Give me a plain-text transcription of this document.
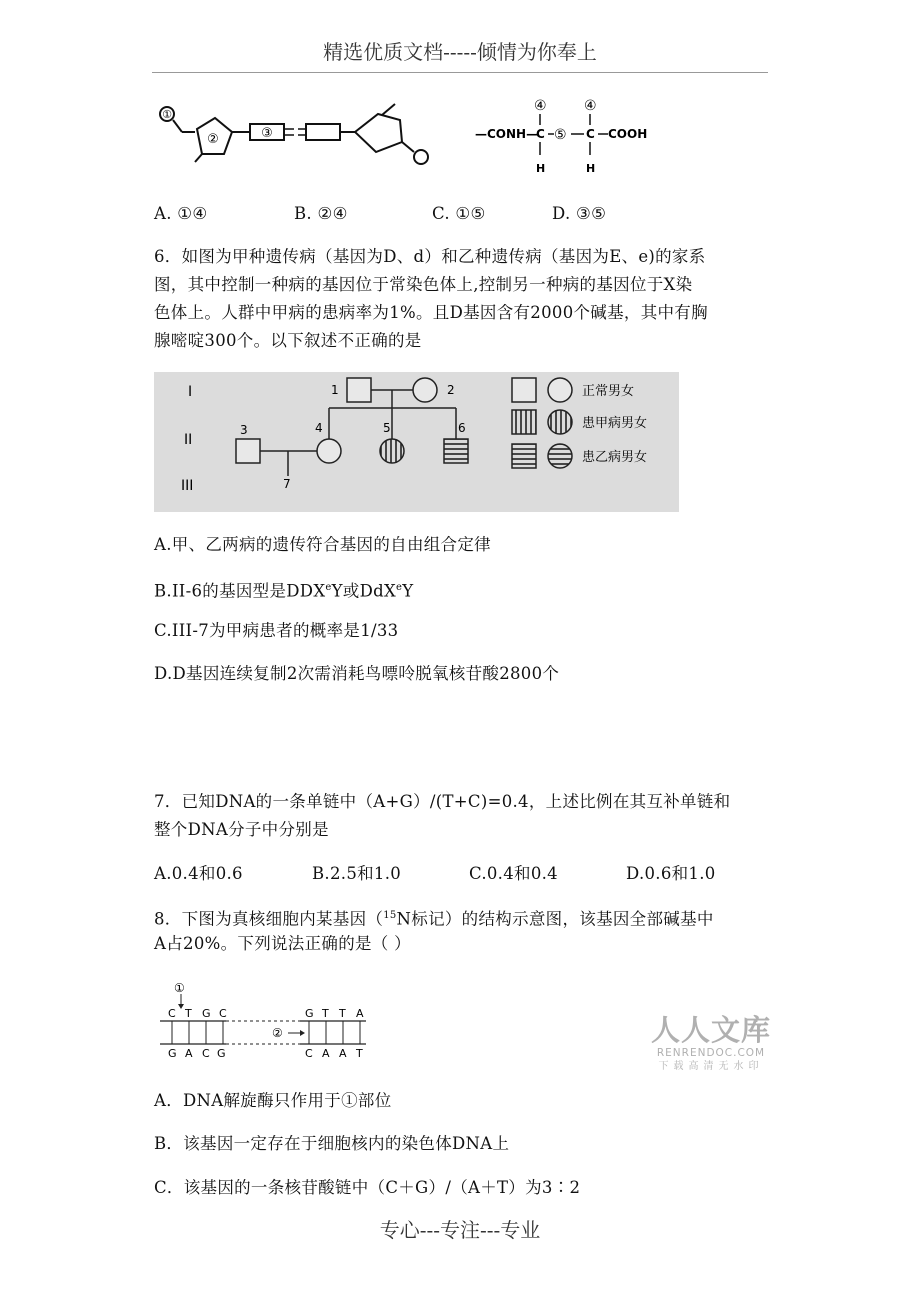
精选优质文档-----倾情为你奉上
①
②	③	—CONH—
C
④
H
⑤ C
④
H
COOH
A. ①④	B. ②④	C. ①⑤	D. ③⑤
6．如图为甲种遗传病（基因为D、d）和乙种遗传病（基因为E、e)的家系
图，其中控制一种病的基因位于常染色体上,控制另一种病的基因位于X染
色体上。人群中甲病的患病率为1%。且D基因含有2000个碱基，其中有胸
腺嘧啶300个。以下叙述不正确的是
I
II
III
1	2
3	4	5	6
7
正常男女
患甲病男女
患乙病男女
A.甲、乙两病的遗传符合基因的自由组合定律
B.II-6的基因型是DDXeY或DdX$^e$Y
C.III-7为甲病患者的概率是1/33
D.D基因连续复制2次需消耗鸟嘌呤脱氧核苷酸2800个
7．已知DNA的一条单链中（A+G）/(T+C)=0.4，上述比例在其互补单链和
整个DNA分子中分别是
A.0.4和0.6	B.2.5和1.0	C.0.4和0.4	D.0.6和1.0
8．下图为真核细胞内某基因（$^{15}$N标记）的结构示意图，该基因全部碱基中
A占20%。下列说法正确的是（ ）
①
C T G C
②
G T T A
G A C G	C A A T
人人文库
RENRENDOC.COM
下载高清无水印
A．DNA解旋酶只作用于①部位
B．该基因一定存在于细胞核内的染色体DNA上
C．该基因的一条核苷酸链中（C＋G）/（A＋T）为3∶2
专心---专注---专业
